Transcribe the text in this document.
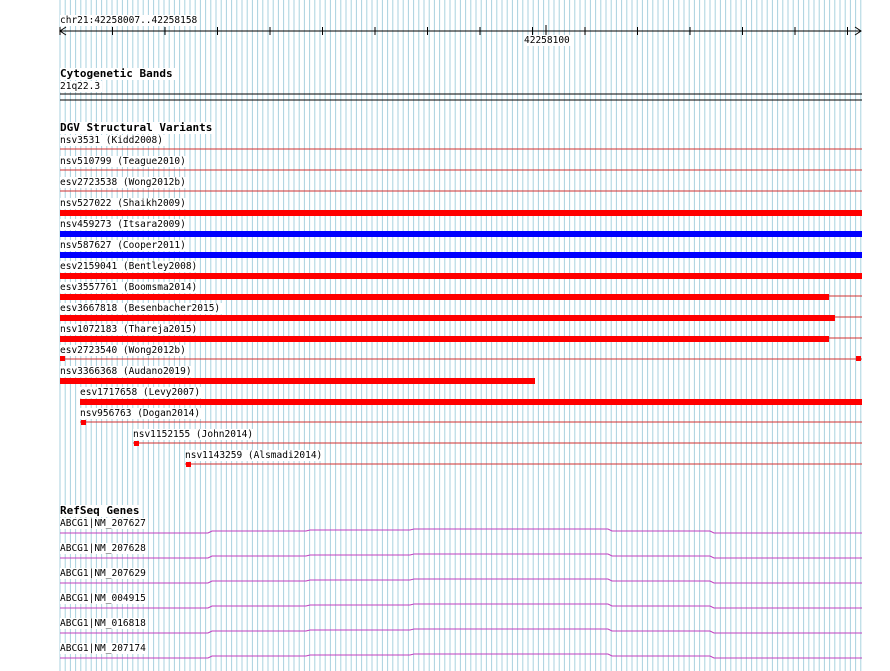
chr21:42258007..42258158
42258100
Cytogenetic Bands
21q22.3
DGV Structural Variants
nsv3531 (Kidd2008)
nsv510799 (Teague2010)
esv2723538 (Wong2012b)
nsv527022 (Shaikh2009)
nsv459273 (Itsara2009)
nsv587627 (Cooper2011)
esv2159041 (Bentley2008)
esv3557761 (Boomsma2014)
esv3667818 (Besenbacher2015)
nsv1072183 (Thareja2015)
esv2723540 (Wong2012b)
nsv3366368 (Audano2019)
esv1717658 (Levy2007)
nsv956763 (Dogan2014)
nsv1152155 (John2014)
nsv1143259 (Alsmadi2014)
RefSeq Genes
ABCG1|NM_207627
ABCG1|NM_207628
ABCG1|NM_207629
ABCG1|NM_004915
ABCG1|NM_016818
ABCG1|NM_207174
